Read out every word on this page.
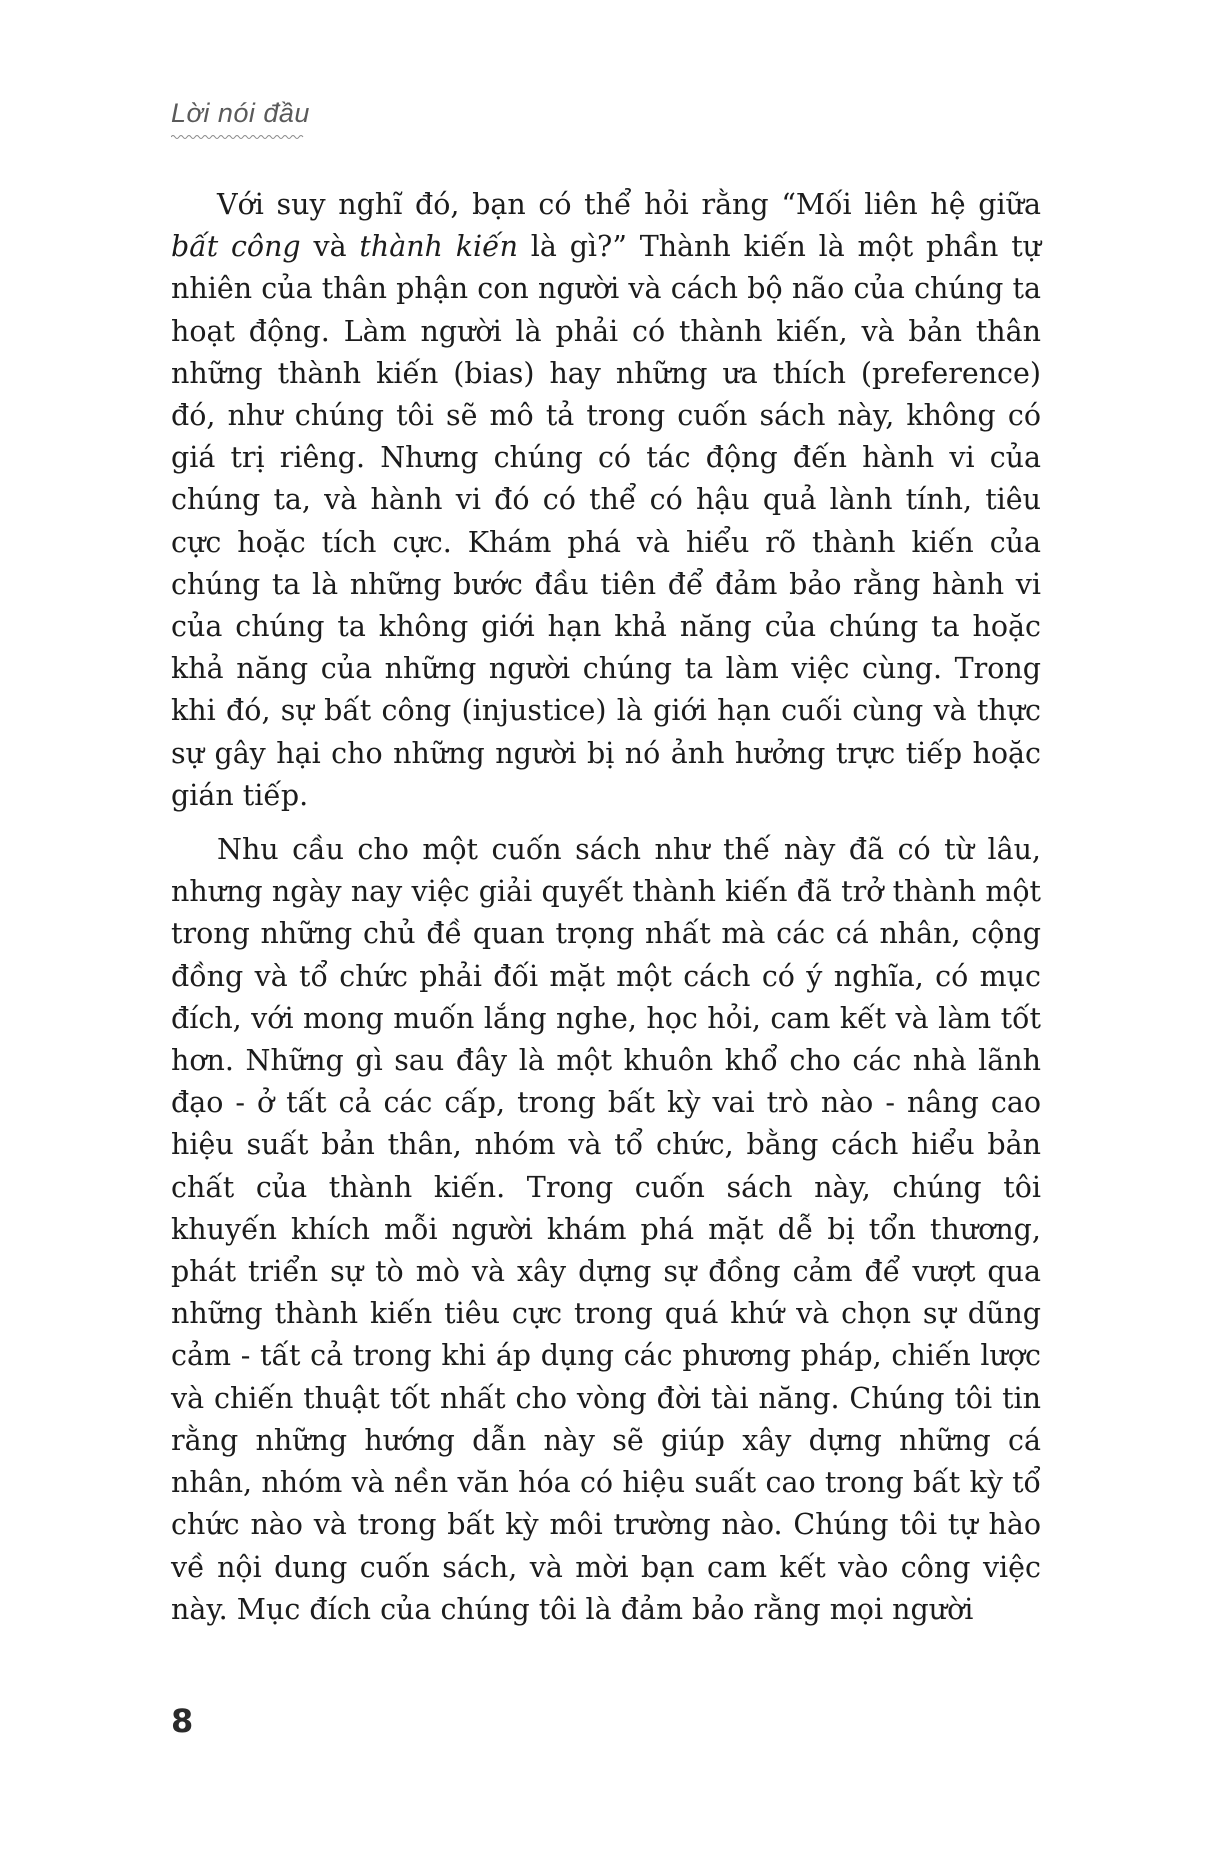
Lời nói đầu

Với suy nghĩ đó, bạn có thể hỏi rằng “Mối liên hệ giữa bất công và thành kiến là gì?” Thành kiến là một phần tự nhiên của thân phận con người và cách bộ não của chúng ta hoạt động. Làm người là phải có thành kiến, và bản thân những thành kiến (bias) hay những ưa thích (preference) đó, như chúng tôi sẽ mô tả trong cuốn sách này, không có giá trị riêng. Nhưng chúng có tác động đến hành vi của chúng ta, và hành vi đó có thể có hậu quả lành tính, tiêu cực hoặc tích cực. Khám phá và hiểu rõ thành kiến của chúng ta là những bước đầu tiên để đảm bảo rằng hành vi của chúng ta không giới hạn khả năng của chúng ta hoặc khả năng của những người chúng ta làm việc cùng. Trong khi đó, sự bất công (injustice) là giới hạn cuối cùng và thực sự gây hại cho những người bị nó ảnh hưởng trực tiếp hoặc gián tiếp.

Nhu cầu cho một cuốn sách như thế này đã có từ lâu, nhưng ngày nay việc giải quyết thành kiến đã trở thành một trong những chủ đề quan trọng nhất mà các cá nhân, cộng đồng và tổ chức phải đối mặt một cách có ý nghĩa, có mục đích, với mong muốn lắng nghe, học hỏi, cam kết và làm tốt hơn. Những gì sau đây là một khuôn khổ cho các nhà lãnh đạo - ở tất cả các cấp, trong bất kỳ vai trò nào - nâng cao hiệu suất bản thân, nhóm và tổ chức, bằng cách hiểu bản chất của thành kiến. Trong cuốn sách này, chúng tôi khuyến khích mỗi người khám phá mặt dễ bị tổn thương, phát triển sự tò mò và xây dựng sự đồng cảm để vượt qua những thành kiến tiêu cực trong quá khứ và chọn sự dũng cảm - tất cả trong khi áp dụng các phương pháp, chiến lược và chiến thuật tốt nhất cho vòng đời tài năng. Chúng tôi tin rằng những hướng dẫn này sẽ giúp xây dựng những cá nhân, nhóm và nền văn hóa có hiệu suất cao trong bất kỳ tổ chức nào và trong bất kỳ môi trường nào. Chúng tôi tự hào về nội dung cuốn sách, và mời bạn cam kết vào công việc này. Mục đích của chúng tôi là đảm bảo rằng mọi người

8
